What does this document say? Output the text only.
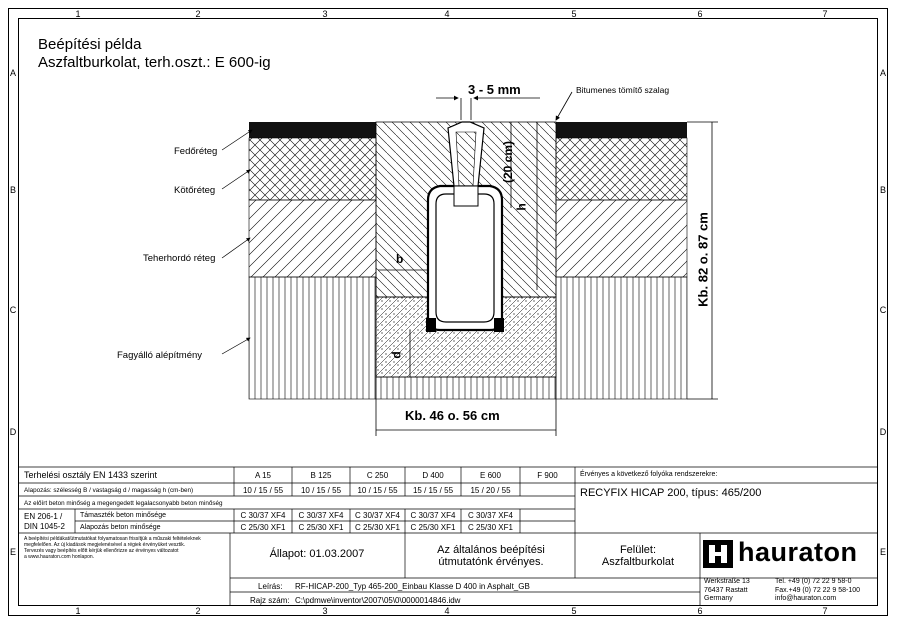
1	2	3	4	5	6	7
1	2	3	4	5	6	7
A
B
C
D
E
A
B
C
D
E
Beépítési példa
Aszfaltburkolat, terh.oszt.: E 600-ig
3 - 5 mm	Bitumenes tömítő szalag
(20 cm)
h
b
d
Kb. 46 o. 56 cm
Kb. 82 o. 87 cm
Fedőréteg
Kötőréteg
Teherhordó réteg
Fagyálló alépítmény
Terhelési osztály EN 1433 szerint	A 15	B 125	C 250	D 400	E 600	F 900
Alapozás: szélesség B / vastagság d / magasság h (cm-ben)	10 / 15 / 55	10 / 15 / 55	10 / 15 / 55	15 / 15 / 55	15 / 20 / 55
Az előírt beton minőség a megengedett legalacsonyabb beton minőség
EN 206-1 /
DIN 1045-2
Támaszték beton minősége
Alapozás beton minősége
C 30/37 XF4	C 30/37 XF4	C 30/37 XF4	C 30/37 XF4	C 30/37 XF4
C 25/30 XF1	C 25/30 XF1	C 25/30 XF1	C 25/30 XF1	C 25/30 XF1
Érvényes a következő folyóka rendszerekre:
RECYFIX HICAP 200, típus: 465/200
A beépítési példákat/útmutatókat folyamatosan frissítjük a műszaki feltételeknek
megfelelően. Az új kiadások megjelenésével a régiek érvényüket vesztik.
Tervezés vagy beépítés előtt kérjük ellenőrizze az érvényes változatot
a www.hauraton.com honlapon.	Állapot: 01.03.2007	Az általános beépítési
útmutatónk érvényes.
Felület:
Aszfaltburkolat	hauraton
Werkstraße 13
76437 Rastatt
Germany
Tel. +49 (0) 72 22 9 58-0
Fax.+49 (0) 72 22 9 58-100
info@hauraton.com
Leírás: RF-HICAP-200_Typ 465-200_Einbau Klasse D 400 in Asphalt_GB
Rajz szám: C:\pdmwe\inventor\2007\05\0\0000014846.idw
